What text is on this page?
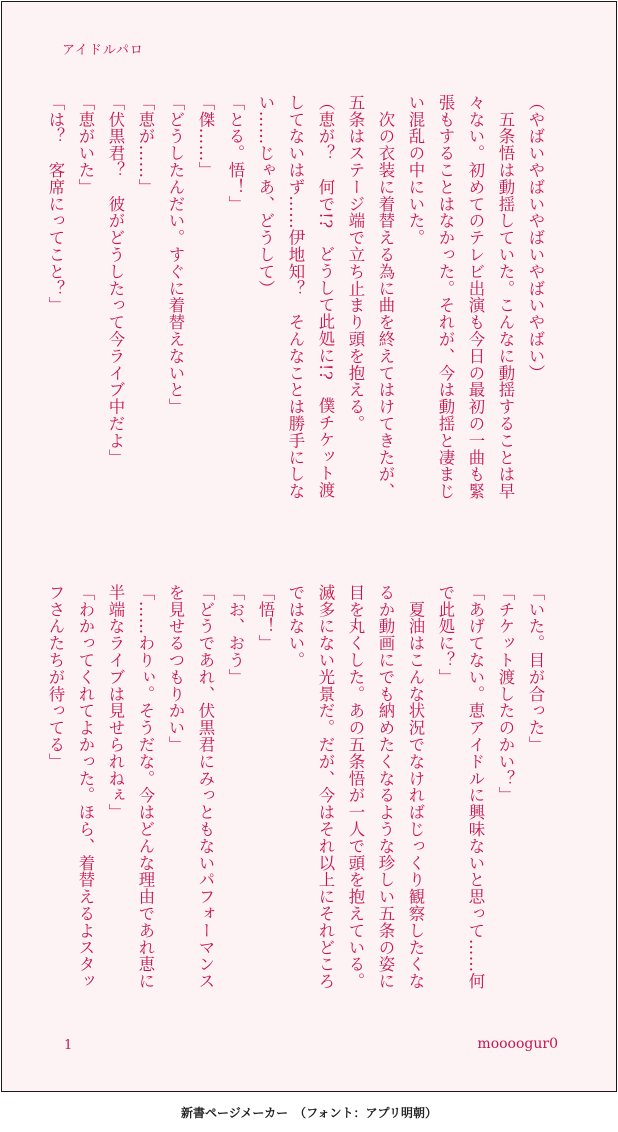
アイドルパロ
（やばいやばいやばいやばいやばい）
　五条悟は動揺していた。こんなに動揺することは早
々ない。初めてのテレビ出演も今日の最初の一曲も緊
張もすることはなかった。それが、今は動揺と凄まじ
い混乱の中にいた。
　次の衣装に着替える為に曲を終えてはけてきたが、
五条はステージ端で立ち止まり頭を抱える。
（恵が？　何で!?　どうして此処に!?　僕チケット渡
してないはず……伊地知？　そんなことは勝手にしな
い……じゃあ、どうして）
「とる。悟！」
「傑……」
「どうしたんだい。すぐに着替えないと」
「恵が……」
「伏黒君？　彼がどうしたって今ライブ中だよ」
「恵がいた」
「は？　客席にってこと？」
「いた。目が合った」
「チケット渡したのかい？」
「あげてない。恵アイドルに興味ないと思って……何
で此処に？」
　夏油はこんな状況でなければじっくり観察したくな
るか動画にでも納めたくなるような珍しい五条の姿に
目を丸くした。あの五条悟が一人で頭を抱えている。
滅多にない光景だ。だが、今はそれ以上にそれどころ
ではない。
「悟！」
「お、おう」
「どうであれ、伏黒君にみっともないパフォーマンス
を見せるつもりかい」
「……わりぃ。そうだな。今はどんな理由であれ恵に
半端なライブは見せられねぇ」
「わかってくれてよかった。ほら、着替えるよスタッ
フさんたちが待ってる」
1	moooogur0
新書ページメーカー　（フォント：アプリ明朝）
